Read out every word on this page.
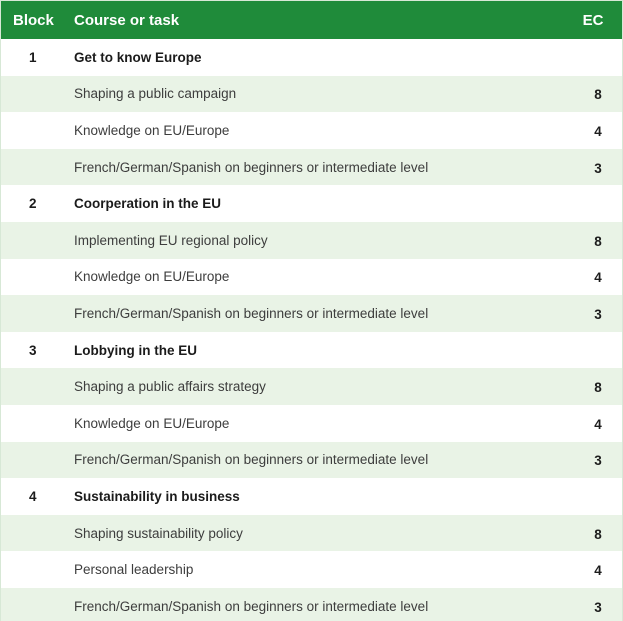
Block	Course or task	EC
1	Get to know Europe
Shaping a public campaign	8
Knowledge on EU/Europe	4
French/German/Spanish on beginners or intermediate level	3
2	Coorperation in the EU
Implementing EU regional policy	8
Knowledge on EU/Europe	4
French/German/Spanish on beginners or intermediate level	3
3	Lobbying in the EU
Shaping a public affairs strategy	8
Knowledge on EU/Europe	4
French/German/Spanish on beginners or intermediate level	3
4	Sustainability in business
Shaping sustainability policy	8
Personal leadership	4
French/German/Spanish on beginners or intermediate level	3
